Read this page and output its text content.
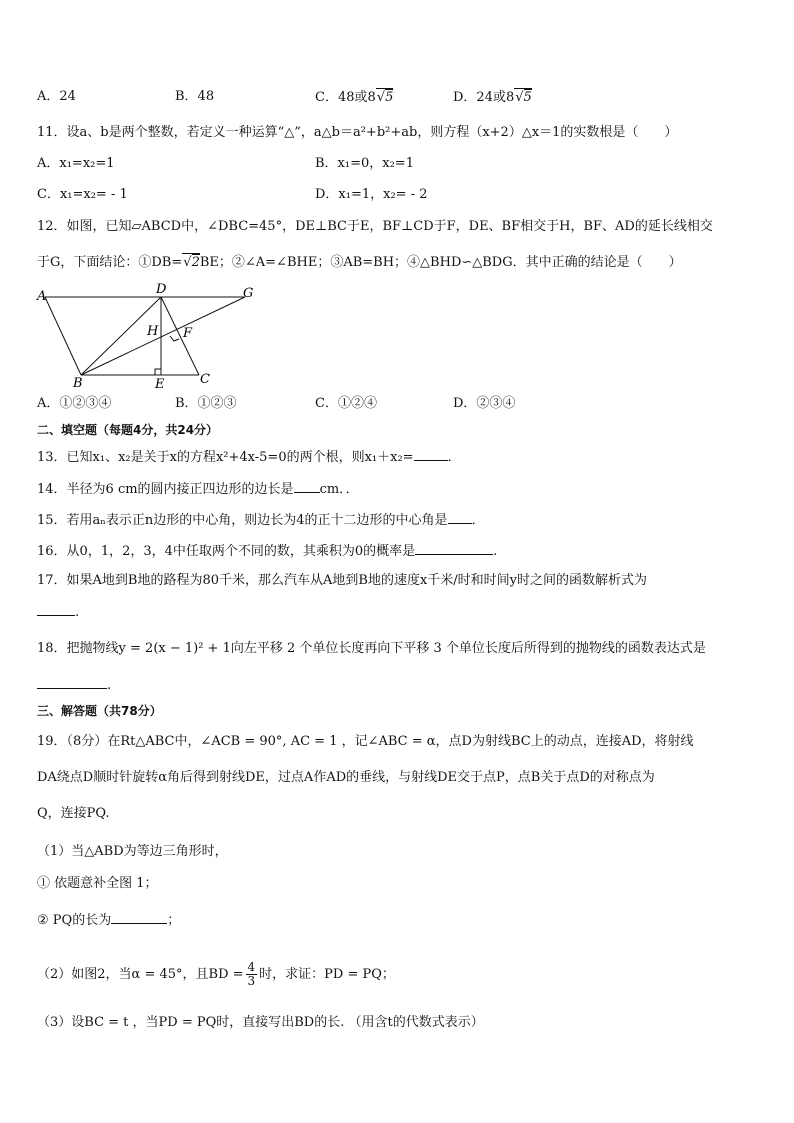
A．24	B．48	C．48或8√5	D．24或8√5
11．设a、b是两个整数，若定义一种运算“△”，a△b＝a²+b²+ab，则方程（x+2）△x＝1的实数根是（　　）
A．x₁=x₂=1	B．x₁=0，x₂=1
C．x₁=x₂= - 1	D．x₁=1，x₂= - 2
12．如图，已知▱ABCD中，∠DBC=45°，DE⊥BC于E，BF⊥CD于F，DE、BF相交于H，BF、AD的延长线相交
于G，下面结论：①DB=√2BE；②∠A=∠BHE；③AB=BH；④△BHD∽△BDG．其中正确的结论是（　　）
A	D	G
H F
B	E	C
A．①②③④	B．①②③	C．①②④	D．②③④
二、填空题（每题4分，共24分）
13．已知x₁、x₂是关于x的方程x²+4x-5=0的两个根，则x₁＋x₂=	．
14．半径为6 cm的圆内接正四边形的边长是 cm．．
15．若用aₙ表示正n边形的中心角，则边长为4的正十二边形的中心角是 ．
16．从0，1，2，3，4中任取两个不同的数，其乘积为0的概率是	.
17．如果A地到B地的路程为80千米，那么汽车从A地到B地的速度x千米/时和时间y时之间的函数解析式为
.
18．把抛物线y = 2(x − 1)² + 1向左平移 2 个单位长度再向下平移 3 个单位长度后所得到的抛物线的函数表达式是
.
三、解答题（共78分）
19．（8分）在Rt△ABC中，∠ACB = 90°, AC = 1 ，记∠ABC = α，点D为射线BC上的动点，连接AD，将射线
DA绕点D顺时针旋转α角后得到射线DE，过点A作AD的垂线，与射线DE交于点P，点B关于点D的对称点为
Q，连接PQ.
（1）当△ABD为等边三角形时，
① 依题意补全图 1；
② PQ的长为	；
（2）如图2，当α = 45°，且BD = $\frac{4}{3}$ 时，求证：PD = PQ；
（3）设BC = t ，当PD = PQ时，直接写出BD的长. （用含t的代数式表示）
